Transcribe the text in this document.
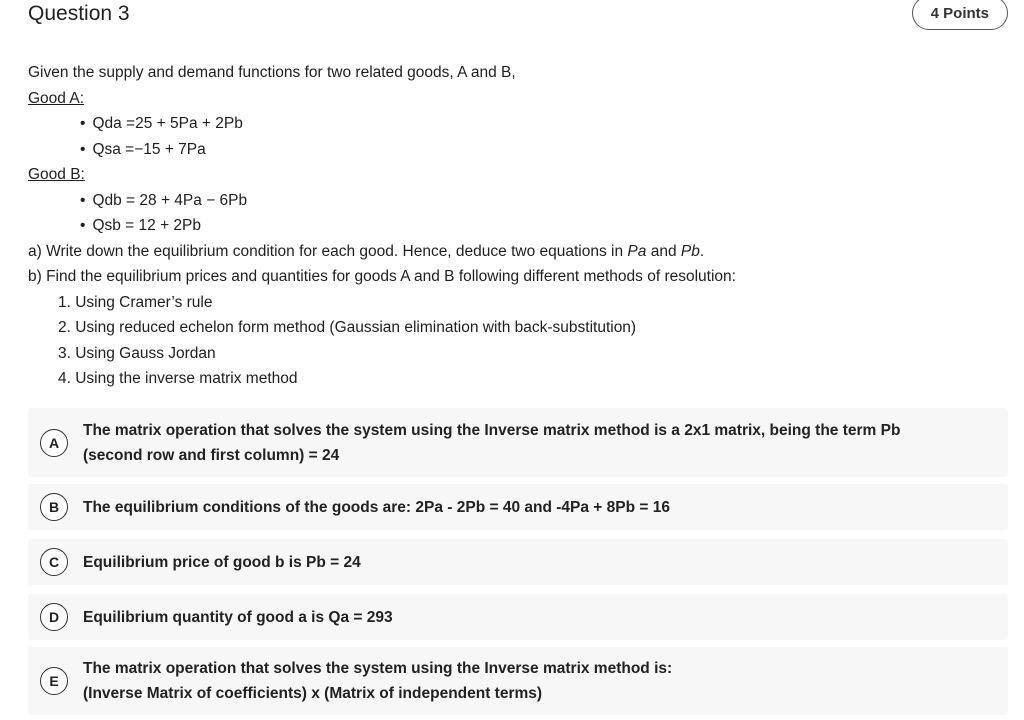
Question 3	4 Points

Given the supply and demand functions for two related goods, A and B,

Good A:

• Qda =25 + 5Pa + 2Pb
• Qsa =−15 + 7Pa

Good B:

• Qdb = 28 + 4Pa − 6Pb
• Qsb = 12 + 2Pb

a) Write down the equilibrium condition for each good. Hence, deduce two equations in Pa and Pb.

b) Find the equilibrium prices and quantities for goods A and B following different methods of resolution:

1. Using Cramer’s rule
2. Using reduced echelon form method (Gaussian elimination with back-substitution)
3. Using Gauss Jordan
4. Using the inverse matrix method
A
The matrix operation that solves the system using the Inverse matrix method is a 2x1 matrix, being the term Pb
(second row and first column) = 24
B	The equilibrium conditions of the goods are: 2Pa - 2Pb = 40 and -4Pa + 8Pb = 16
C	Equilibrium price of good b is Pb = 24
D	Equilibrium quantity of good a is Qa = 293
E
The matrix operation that solves the system using the Inverse matrix method is:
(Inverse Matrix of coefficients) x (Matrix of independent terms)
